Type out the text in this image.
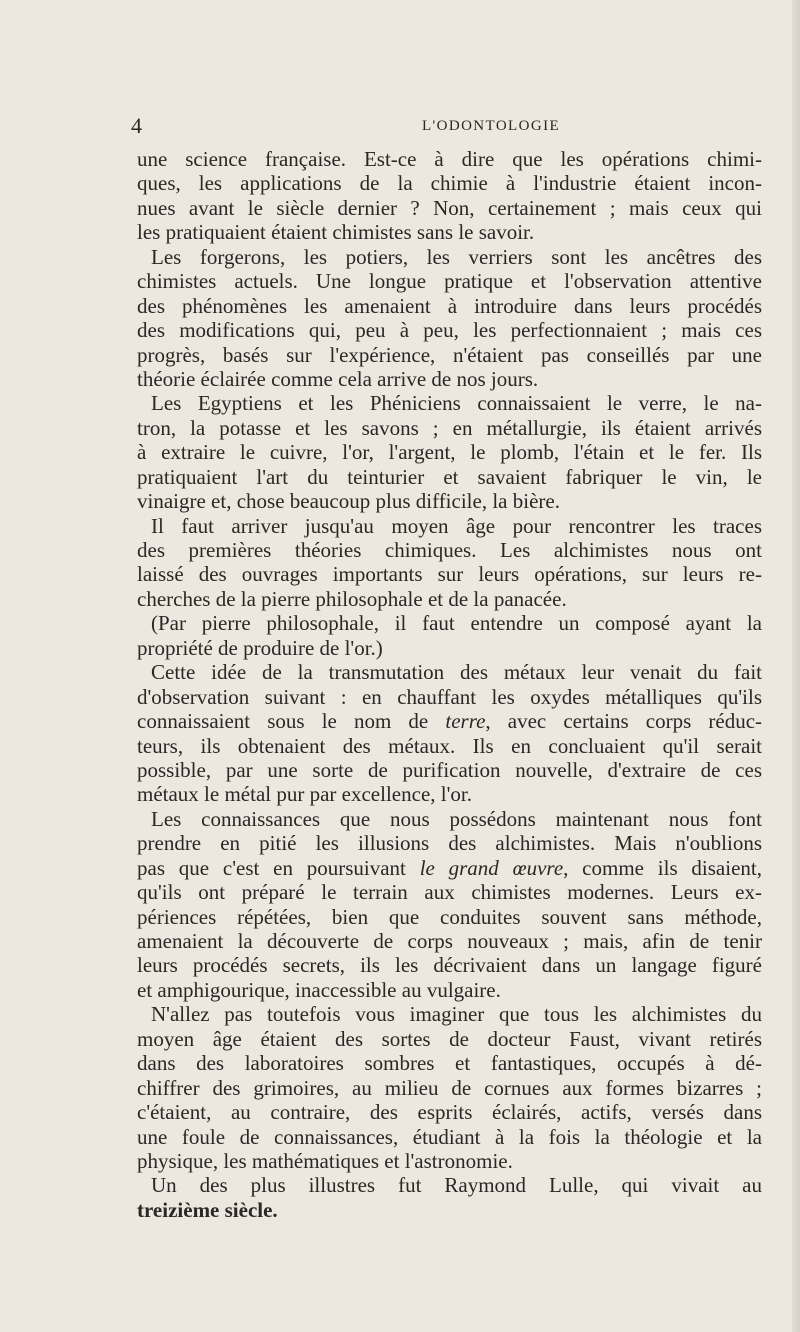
4	L'ODONTOLOGIE
une science française. Est-ce à dire que les opérations chimi-
ques, les applications de la chimie à l'industrie étaient incon-
nues avant le siècle dernier ? Non, certainement ; mais ceux qui
les pratiquaient étaient chimistes sans le savoir.
Les forgerons, les potiers, les verriers sont les ancêtres des
chimistes actuels. Une longue pratique et l'observation attentive
des phénomènes les amenaient à introduire dans leurs procédés
des modifications qui, peu à peu, les perfectionnaient ; mais ces
progrès, basés sur l'expérience, n'étaient pas conseillés par une
théorie éclairée comme cela arrive de nos jours.
Les Egyptiens et les Phéniciens connaissaient le verre, le na-
tron, la potasse et les savons ; en métallurgie, ils étaient arrivés
à extraire le cuivre, l'or, l'argent, le plomb, l'étain et le fer. Ils
pratiquaient l'art du teinturier et savaient fabriquer le vin, le
vinaigre et, chose beaucoup plus difficile, la bière.
Il faut arriver jusqu'au moyen âge pour rencontrer les traces
des premières théories chimiques. Les alchimistes nous ont
laissé des ouvrages importants sur leurs opérations, sur leurs re-
cherches de la pierre philosophale et de la panacée.
(Par pierre philosophale, il faut entendre un composé ayant la
propriété de produire de l'or.)
Cette idée de la transmutation des métaux leur venait du fait
d'observation suivant : en chauffant les oxydes métalliques qu'ils
connaissaient sous le nom de terre, avec certains corps réduc-
teurs, ils obtenaient des métaux. Ils en concluaient qu'il serait
possible, par une sorte de purification nouvelle, d'extraire de ces
métaux le métal pur par excellence, l'or.
Les connaissances que nous possédons maintenant nous font
prendre en pitié les illusions des alchimistes. Mais n'oublions
pas que c'est en poursuivant le grand œuvre, comme ils disaient,
qu'ils ont préparé le terrain aux chimistes modernes. Leurs ex-
périences répétées, bien que conduites souvent sans méthode,
amenaient la découverte de corps nouveaux ; mais, afin de tenir
leurs procédés secrets, ils les décrivaient dans un langage figuré
et amphigourique, inaccessible au vulgaire.
N'allez pas toutefois vous imaginer que tous les alchimistes du
moyen âge étaient des sortes de docteur Faust, vivant retirés
dans des laboratoires sombres et fantastiques, occupés à dé-
chiffrer des grimoires, au milieu de cornues aux formes bizarres ;
c'étaient, au contraire, des esprits éclairés, actifs, versés dans
une foule de connaissances, étudiant à la fois la théologie et la
physique, les mathématiques et l'astronomie.
Un des plus illustres fut Raymond Lulle, qui vivait au
treizième siècle.
